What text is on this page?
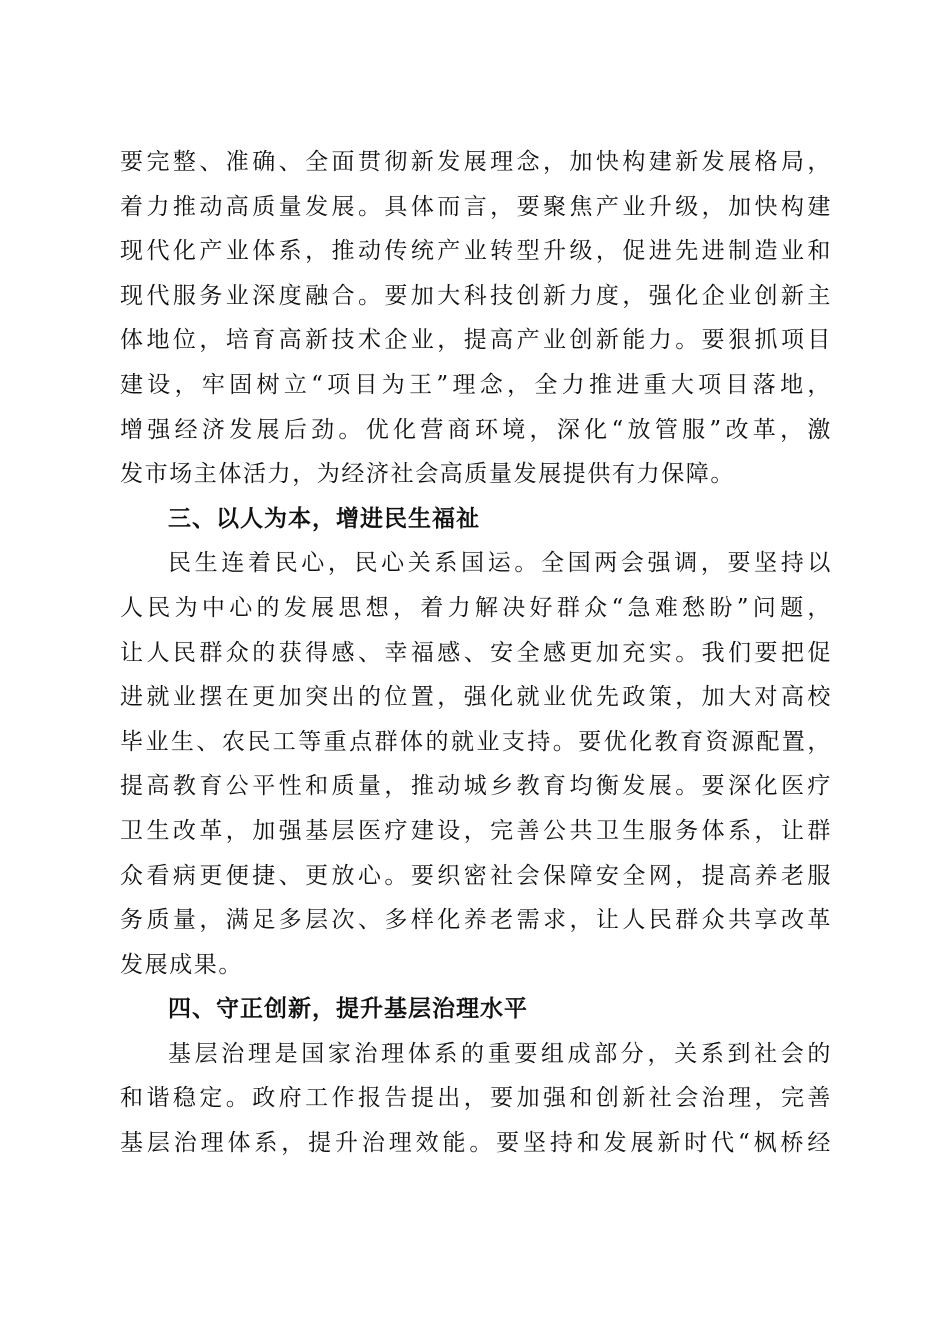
要完整、准确、全面贯彻新发展理念，加快构建新发展格局，
着力推动高质量发展。具体而言，要聚焦产业升级，加快构建
现代化产业体系，推动传统产业转型升级，促进先进制造业和
现代服务业深度融合。要加大科技创新力度，强化企业创新主
体地位，培育高新技术企业，提高产业创新能力。要狠抓项目
建设，牢固树立“项目为王”理念，全力推进重大项目落地，
增强经济发展后劲。优化营商环境，深化“放管服”改革，激
发市场主体活力，为经济社会高质量发展提供有力保障。
三、以人为本，增进民生福祉
民生连着民心，民心关系国运。全国两会强调，要坚持以
人民为中心的发展思想，着力解决好群众“急难愁盼”问题，
让人民群众的获得感、幸福感、安全感更加充实。我们要把促
进就业摆在更加突出的位置，强化就业优先政策，加大对高校
毕业生、农民工等重点群体的就业支持。要优化教育资源配置，
提高教育公平性和质量，推动城乡教育均衡发展。要深化医疗
卫生改革，加强基层医疗建设，完善公共卫生服务体系，让群
众看病更便捷、更放心。要织密社会保障安全网，提高养老服
务质量，满足多层次、多样化养老需求，让人民群众共享改革
发展成果。
四、守正创新，提升基层治理水平
基层治理是国家治理体系的重要组成部分，关系到社会的
和谐稳定。政府工作报告提出，要加强和创新社会治理，完善
基层治理体系，提升治理效能。要坚持和发展新时代“枫桥经
